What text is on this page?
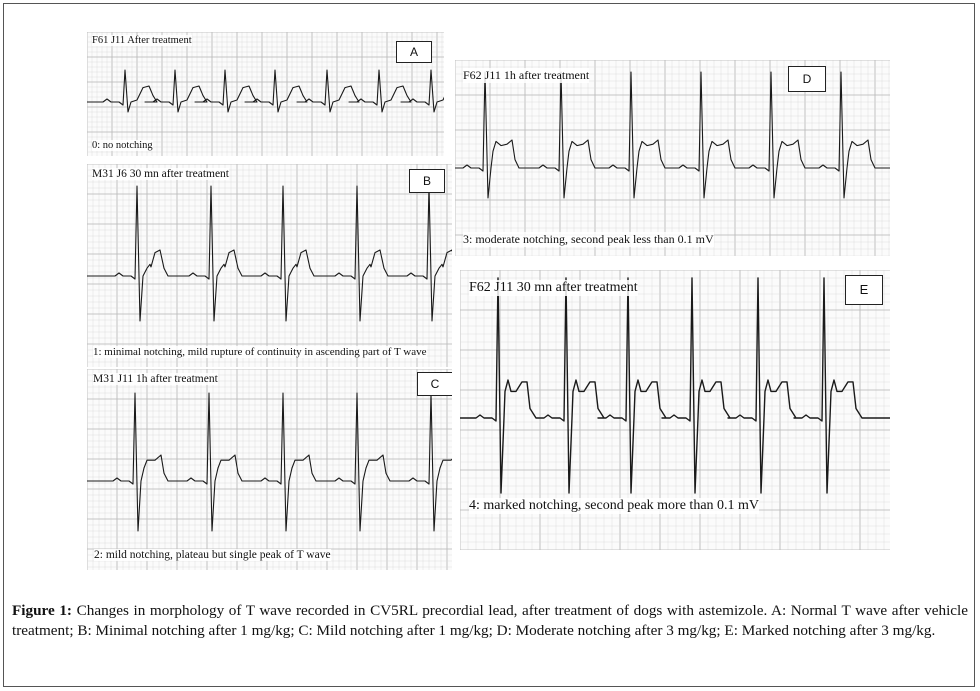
F61 J11 After treatment
0: no notching
A
M31 J6 30 mn after treatment
1: minimal notching, mild rupture of continuity in ascending part of T wave
B
M31 J11 1h after treatment
2: mild notching, plateau but single peak of T wave
C
F62 J11 1h after treatment
3: moderate notching, second peak less than 0.1 mV
D
F62 J11 30 mn after treatment
4: marked notching, second peak more than 0.1 mV
E
Figure 1: Changes in morphology of T wave recorded in CV5RL precordial lead, after treatment of dogs with astemizole. A: Normal T wave after vehicle treatment; B: Minimal notching after 1 mg/kg; C: Mild notching after 1 mg/kg; D: Moderate notching after 3 mg/kg; E: Marked notching after 3 mg/kg.
